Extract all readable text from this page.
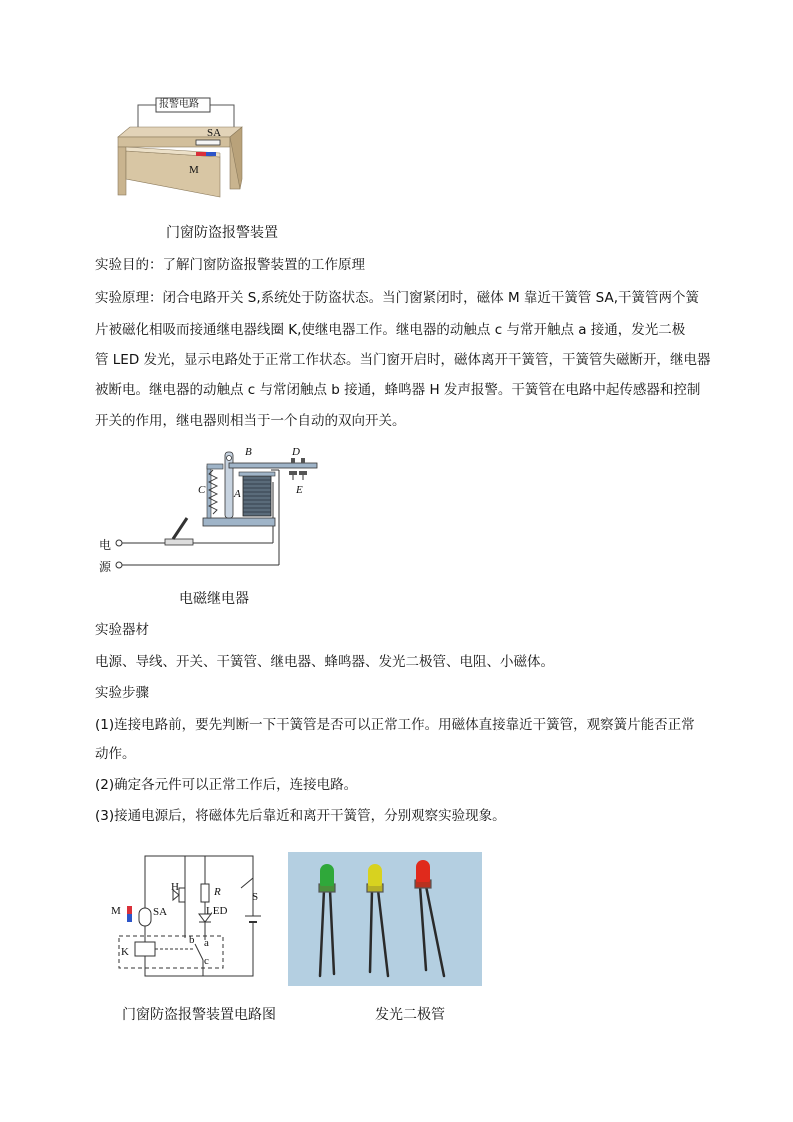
报警电路
SA
M
门窗防盗报警装置
实验目的：了解门窗防盗报警装置的工作原理
实验原理：闭合电路开关 S,系统处于防盗状态。当门窗紧闭时，磁体 M 靠近干簧管 SA,干簧管两个簧
片被磁化相吸而接通继电器线圈 K,使继电器工作。继电器的动触点 c 与常开触点 a 接通，发光二极
管 LED 发光，显示电路处于正常工作状态。当门窗开启时，磁体离开干簧管，干簧管失磁断开，继电器
被断电。继电器的动触点 c 与常闭触点 b 接通，蜂鸣器 H 发声报警。干簧管在电路中起传感器和控制
开关的作用，继电器则相当于一个自动的双向开关。
B	D
C	A	E
电
源
电磁继电器
实验器材
电源、导线、开关、干簧管、继电器、蜂鸣器、发光二极管、电阻、小磁体。
实验步骤
(1)连接电路前，要先判断一下干簧管是否可以正常工作。用磁体直接靠近干簧管，观察簧片能否正常
动作。
(2)确定各元件可以正常工作后，连接电路。
(3)接通电源后，将磁体先后靠近和离开干簧管，分别观察实验现象。
H	R
LED
S
M	SA
K
b a
c
门窗防盗报警装置电路图	发光二极管
